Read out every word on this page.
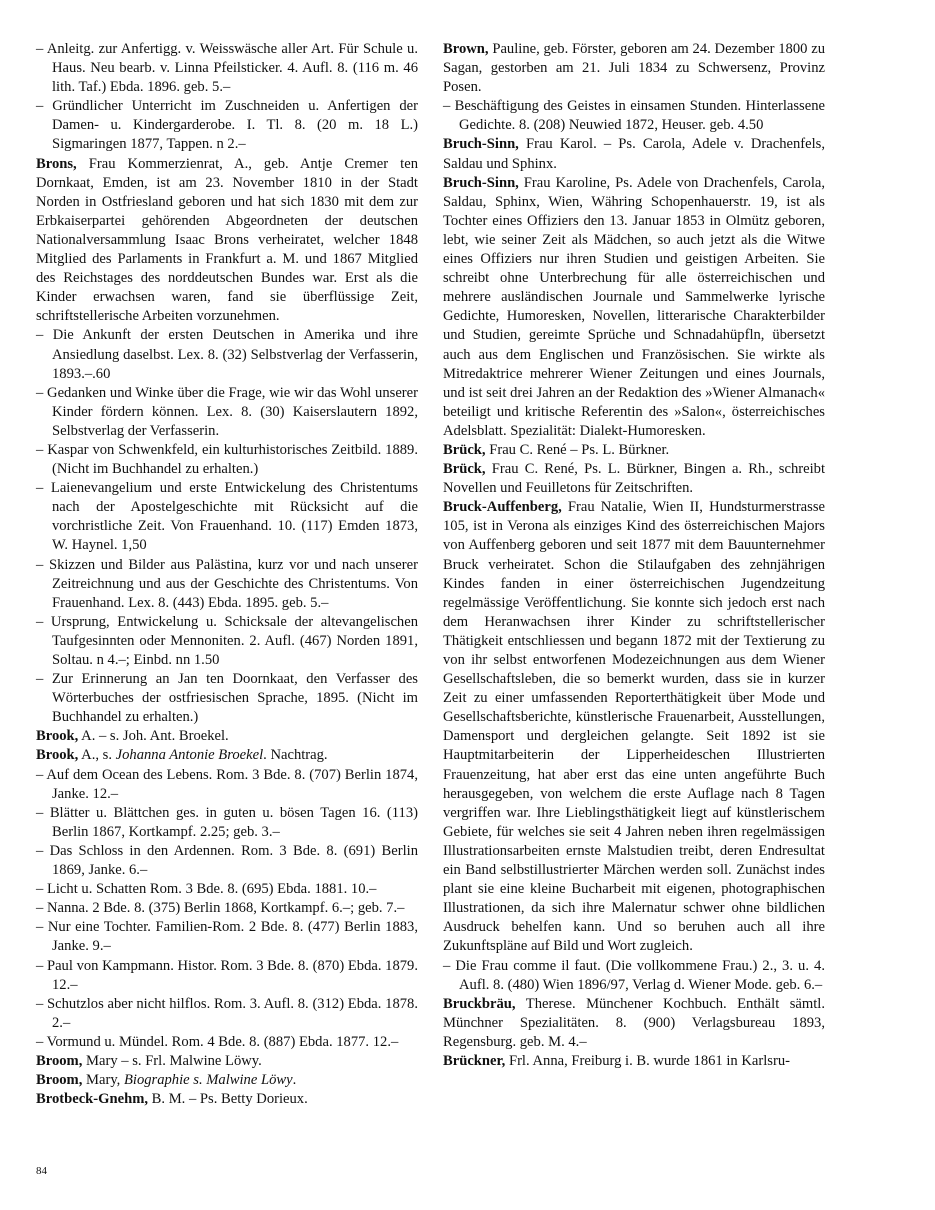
– Anleitg. zur Anfertigg. v. Weisswäsche aller Art. Für Schule u. Haus. Neu bearb. v. Linna Pfeilsticker. 4. Aufl. 8. (116 m. 46 lith. Taf.) Ebda. 1896. geb. 5.–

– Gründlicher Unterricht im Zuschneiden u. Anfertigen der Damen- u. Kindergarderobe. I. Tl. 8. (20 m. 18 L.) Sigmaringen 1877, Tappen. n 2.–

Brons, Frau Kommerzienrat, A., geb. Antje Cremer ten Dornkaat, Emden, ist am 23. November 1810 in der Stadt Norden in Ostfriesland geboren und hat sich 1830 mit dem zur Erbkaiserpartei gehörenden Abgeordneten der deutschen Nationalversammlung Isaac Brons verheiratet, welcher 1848 Mitglied des Parlaments in Frankfurt a. M. und 1867 Mitglied des Reichstages des norddeutschen Bundes war. Erst als die Kinder erwachsen waren, fand sie überflüssige Zeit, schriftstellerische Arbeiten vorzunehmen.

– Die Ankunft der ersten Deutschen in Amerika und ihre Ansiedlung daselbst. Lex. 8. (32) Selbstverlag der Verfasserin, 1893.–.60

– Gedanken und Winke über die Frage, wie wir das Wohl unserer Kinder fördern können. Lex. 8. (30) Kaiserslautern 1892, Selbstverlag der Verfasserin.

– Kaspar von Schwenkfeld, ein kulturhistorisches Zeitbild. 1889. (Nicht im Buchhandel zu erhalten.)

– Laienevangelium und erste Entwickelung des Christentums nach der Apostelgeschichte mit Rücksicht auf die vorchristliche Zeit. Von Frauenhand. 10. (117) Emden 1873, W. Haynel. 1,50

– Skizzen und Bilder aus Palästina, kurz vor und nach unserer Zeitreichnung und aus der Geschichte des Christentums. Von Frauenhand. Lex. 8. (443) Ebda. 1895. geb. 5.–

– Ursprung, Entwickelung u. Schicksale der altevangelischen Taufgesinnten oder Mennoniten. 2. Aufl. (467) Norden 1891, Soltau. n 4.–; Einbd. nn 1.50

– Zur Erinnerung an Jan ten Doornkaat, den Verfasser des Wörterbuches der ostfriesischen Sprache, 1895. (Nicht im Buchhandel zu erhalten.)

Brook, A. – s. Joh. Ant. Broekel.

Brook, A., s. Johanna Antonie Broekel. Nachtrag.

– Auf dem Ocean des Lebens. Rom. 3 Bde. 8. (707) Berlin 1874, Janke. 12.–

– Blätter u. Blättchen ges. in guten u. bösen Tagen 16. (113) Berlin 1867, Kortkampf. 2.25; geb. 3.–

– Das Schloss in den Ardennen. Rom. 3 Bde. 8. (691) Berlin 1869, Janke. 6.–

– Licht u. Schatten Rom. 3 Bde. 8. (695) Ebda. 1881. 10.–

– Nanna. 2 Bde. 8. (375) Berlin 1868, Kortkampf. 6.–; geb. 7.–

– Nur eine Tochter. Familien-Rom. 2 Bde. 8. (477) Berlin 1883, Janke. 9.–

– Paul von Kampmann. Histor. Rom. 3 Bde. 8. (870) Ebda. 1879. 12.–

– Schutzlos aber nicht hilflos. Rom. 3. Aufl. 8. (312) Ebda. 1878. 2.–

– Vormund u. Mündel. Rom. 4 Bde. 8. (887) Ebda. 1877. 12.–

Broom, Mary – s. Frl. Malwine Löwy.

Broom, Mary, Biographie s. Malwine Löwy.

Brotbeck-Gnehm, B. M. – Ps. Betty Dorieux.

Brown, Pauline, geb. Förster, geboren am 24. Dezember 1800 zu Sagan, gestorben am 21. Juli 1834 zu Schwersenz, Provinz Posen.

– Beschäftigung des Geistes in einsamen Stunden. Hinterlassene Gedichte. 8. (208) Neuwied 1872, Heuser. geb. 4.50

Bruch-Sinn, Frau Karol. – Ps. Carola, Adele v. Drachenfels, Saldau und Sphinx.

Bruch-Sinn, Frau Karoline, Ps. Adele von Drachenfels, Carola, Saldau, Sphinx, Wien, Währing Schopenhauerstr. 19, ist als Tochter eines Offiziers den 13. Januar 1853 in Olmütz geboren, lebt, wie seiner Zeit als Mädchen, so auch jetzt als die Witwe eines Offiziers nur ihren Studien und geistigen Arbeiten. Sie schreibt ohne Unterbrechung für alle österreichischen und mehrere ausländischen Journale und Sammelwerke lyrische Gedichte, Humoresken, Novellen, litterarische Charakterbilder und Studien, gereimte Sprüche und Schnadahüpfln, übersetzt auch aus dem Englischen und Französischen. Sie wirkte als Mitredaktrice mehrerer Wiener Zeitungen und eines Journals, und ist seit drei Jahren an der Redaktion des »Wiener Almanach« beteiligt und kritische Referentin des »Salon«, österreichisches Adelsblatt. Spezialität: Dialekt-Humoresken.

Brück, Frau C. René – Ps. L. Bürkner.

Brück, Frau C. René, Ps. L. Bürkner, Bingen a. Rh., schreibt Novellen und Feuilletons für Zeitschriften.

Bruck-Auffenberg, Frau Natalie, Wien II, Hundsturmerstrasse 105, ist in Verona als einziges Kind des österreichischen Majors von Auffenberg geboren und seit 1877 mit dem Bauunternehmer Bruck verheiratet. Schon die Stilaufgaben des zehnjährigen Kindes fanden in einer österreichischen Jugendzeitung regelmässige Veröffentlichung. Sie konnte sich jedoch erst nach dem Heranwachsen ihrer Kinder zu schriftstellerischer Thätigkeit entschliessen und begann 1872 mit der Textierung zu von ihr selbst entworfenen Modezeichnungen aus dem Wiener Gesellschaftsleben, die so bemerkt wurden, dass sie in kurzer Zeit zu einer umfassenden Reporterthätigkeit über Mode und Gesellschaftsberichte, künstlerische Frauenarbeit, Ausstellungen, Damensport und dergleichen gelangte. Seit 1892 ist sie Hauptmitarbeiterin der Lipperheideschen Illustrierten Frauenzeitung, hat aber erst das eine unten angeführte Buch herausgegeben, von welchem die erste Auflage nach 8 Tagen vergriffen war. Ihre Lieblingsthätigkeit liegt auf künstlerischem Gebiete, für welches sie seit 4 Jahren neben ihren regelmässigen Illustrationsarbeiten ernste Malstudien treibt, deren Endresultat ein Band selbstillustrierter Märchen werden soll. Zunächst indes plant sie eine kleine Bucharbeit mit eigenen, photographischen Illustrationen, da sich ihre Malernatur schwer ohne bildlichen Ausdruck behelfen kann. Und so beruhen auch all ihre Zukunftspläne auf Bild und Wort zugleich.

– Die Frau comme il faut. (Die vollkommene Frau.) 2., 3. u. 4. Aufl. 8. (480) Wien 1896/97, Verlag d. Wiener Mode. geb. 6.–

Bruckbräu, Therese. Münchener Kochbuch. Enthält sämtl. Münchner Spezialitäten. 8. (900) Verlagsbureau 1893, Regensburg. geb. M. 4.–

Brückner, Frl. Anna, Freiburg i. B. wurde 1861 in Karlsru-

84
